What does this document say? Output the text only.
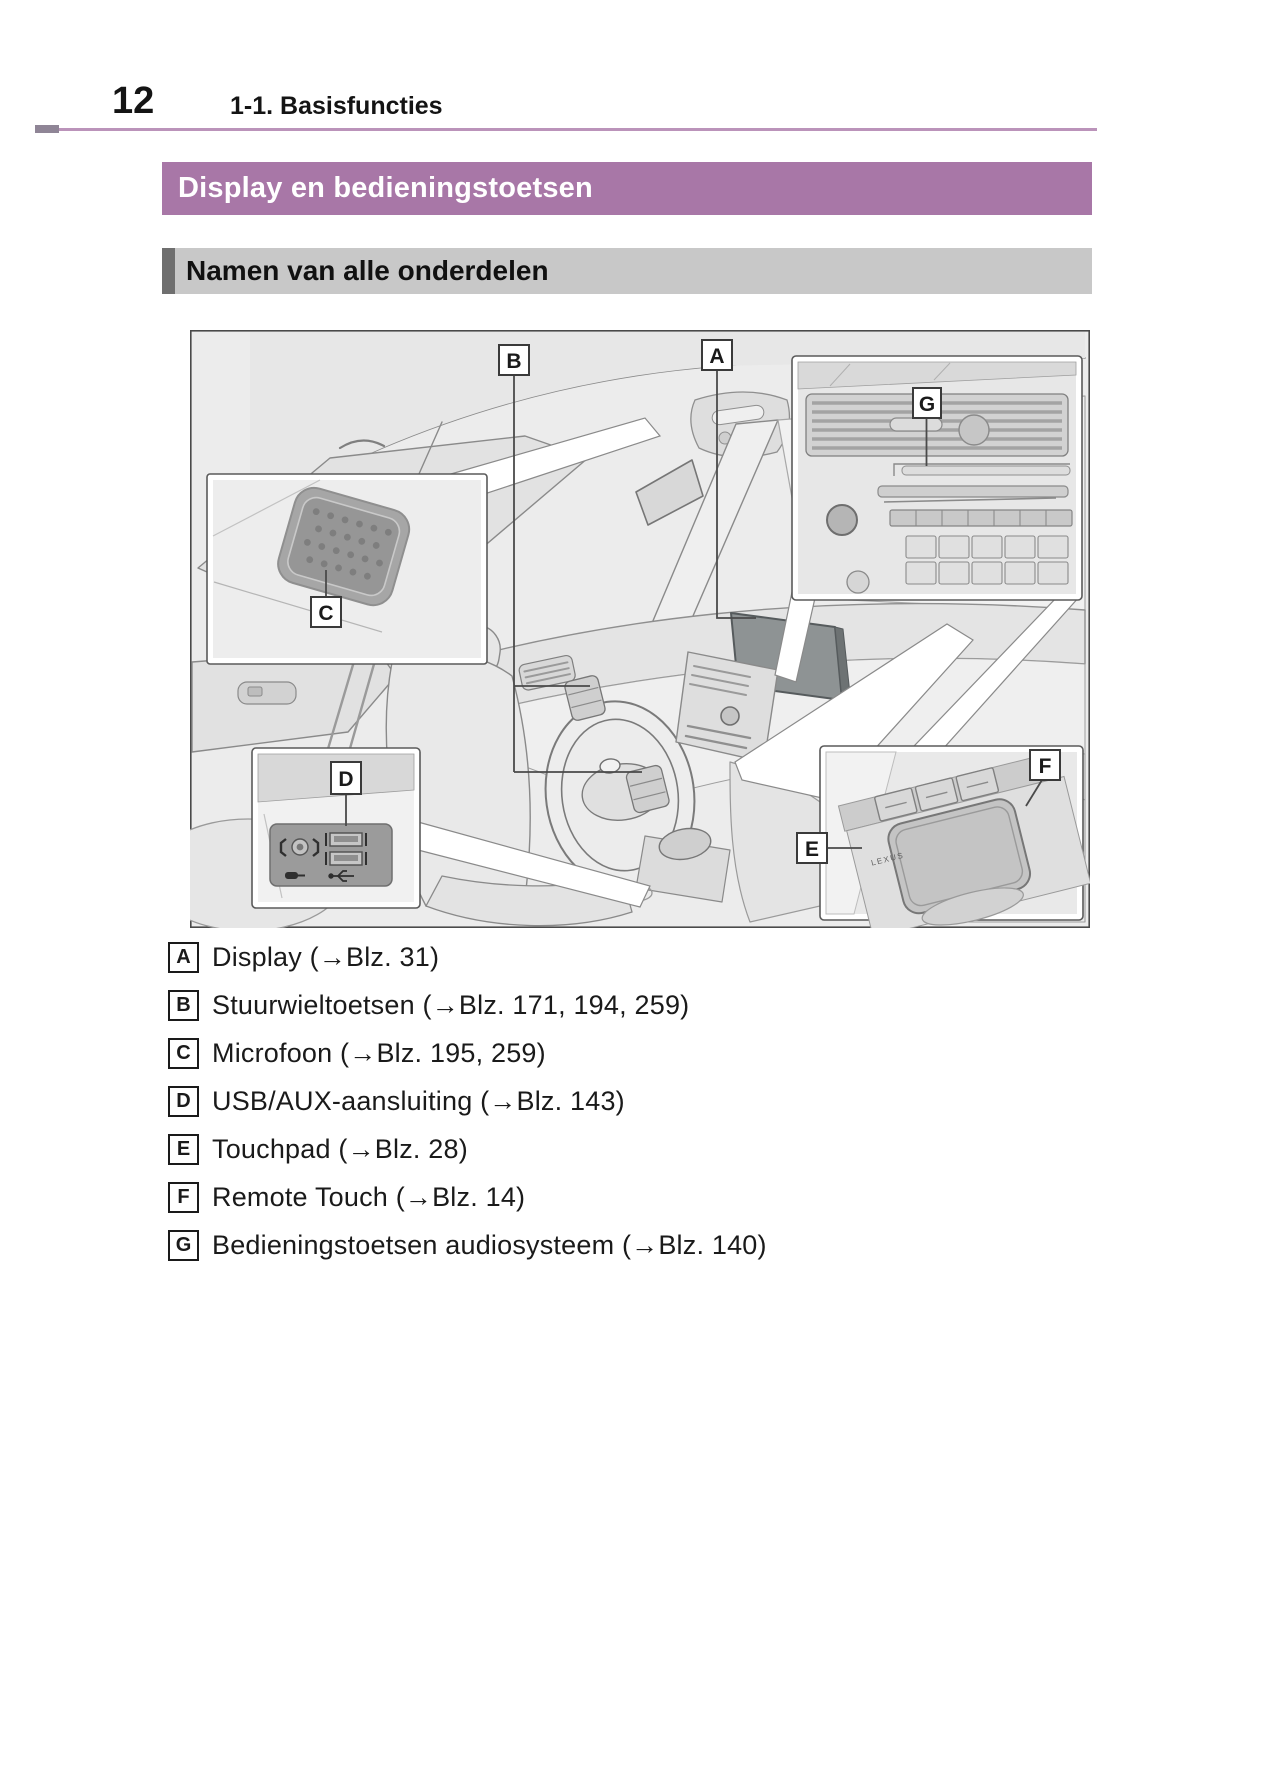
12	1-1. Basisfuncties
Display en bedieningstoetsen
Namen van alle onderdelen
G
C
D
LEXUS
E
F
B	A
A Display (→Blz. 31)
B Stuurwieltoetsen (→Blz. 171, 194, 259)
C Microfoon (→Blz. 195, 259)
D USB/AUX-aansluiting (→Blz. 143)
E Touchpad (→Blz. 28)
F Remote Touch (→Blz. 14)
G Bedieningstoetsen audiosysteem (→Blz. 140)
